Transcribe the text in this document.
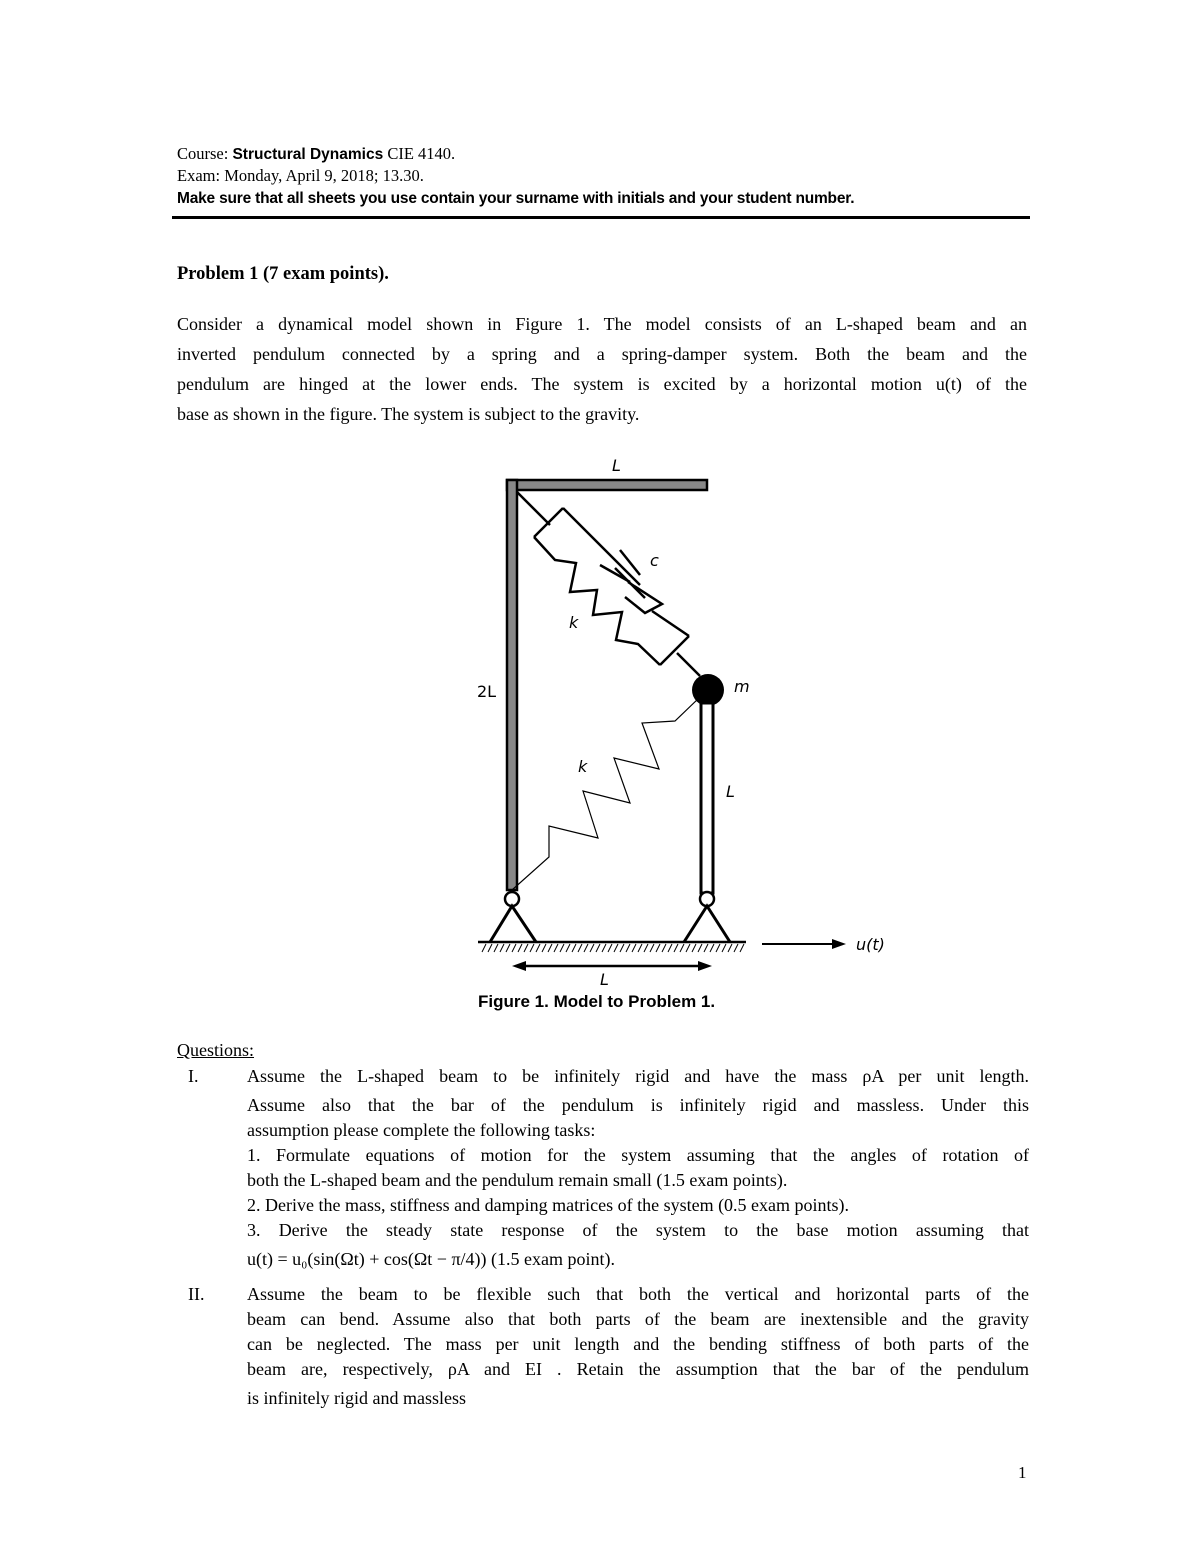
Course: Structural Dynamics CIE 4140.
Exam: Monday, April 9, 2018; 13.30.
Make sure that all sheets you use contain your surname with initials and your student number.
Problem 1 (7 exam points).
Consider a dynamical model shown in Figure 1. The model consists of an L-shaped beam and an
inverted pendulum connected by a spring and a spring-damper system. Both the beam and the
pendulum are hinged at the lower ends. The system is excited by a horizontal motion u(t) of the
base as shown in the figure. The system is subject to the gravity.
L
c
k
m
2L
k
L
L
u(t)
Figure 1. Model to Problem 1.
Questions:
I.	Assume the L-shaped beam to be infinitely rigid and have the mass ρA per unit length.
Assume also that the bar of the pendulum is infinitely rigid and massless. Under this
assumption please complete the following tasks:
1. Formulate equations of motion for the system assuming that the angles of rotation of
both the L-shaped beam and the pendulum remain small (1.5 exam points).
2. Derive the mass, stiffness and damping matrices of the system (0.5 exam points).
3. Derive the steady state response of the system to the base motion assuming that
u(t) = u₀(sin(Ωt) + cos(Ωt − π/4)) (1.5 exam point).
II. Assume the beam to be flexible such that both the vertical and horizontal parts of the
beam can bend. Assume also that both parts of the beam are inextensible and the gravity
can be neglected. The mass per unit length and the bending stiffness of both parts of the
beam are, respectively, ρA and EI . Retain the assumption that the bar of the pendulum
is infinitely rigid and massless
1
